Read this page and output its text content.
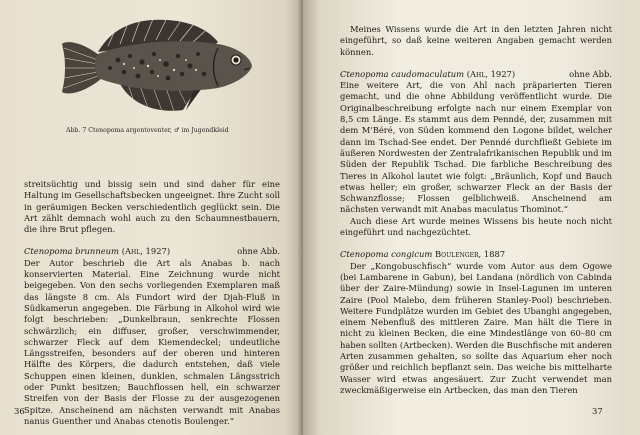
Abb. 7 Ctenopoma argentoventer, ♂ im Jugendkleid

streitsüchtig und bissig sein und sind daher für eine Haltung im Gesellschaftsbecken ungeeignet. Ihre Zucht soll in geräumigen Becken verschiedentlich geglückt sein. Die Art zählt demnach wohl auch zu den Schaumnestbauern, die ihre Brut pflegen.

Ctenopoma brunneum (Ahl, 1927)	ohne Abb.

Der Autor beschrieb die Art als Anabas b. nach konservierten Material. Eine Zeichnung wurde nicht beigegeben. Von den sechs vorliegenden Exemplaren maß das längste 8 cm. Als Fundort wird der Djah-Fluß in Südkamerun angegeben. Die Färbung in Alkohol wird wie folgt beschrieben: „Dunkelbraun, senkrechte Flossen schwärzlich; ein diffuser, großer, verschwimmender, schwarzer Fleck auf dem Kiemendeckel; undeutliche Längsstreifen, besonders auf der oberen und hinteren Hälfte des Körpers, die dadurch entstehen, daß viele Schuppen einen kleinen, dunklen, schmalen Längsstrich oder Punkt besitzen; Bauchflossen hell, ein schwarzer Streifen von der Basis der Flosse zu der ausgezogenen Spitze. Anscheinend am nächsten verwandt mit Anabas nanus Guenther und Anabas ctenotis Boulenger.“

36

Meines Wissens wurde die Art in den letzten Jahren nicht eingeführt, so daß keine weiteren Angaben gemacht werden können.

Ctenopoma caudomaculatum (Ahl, 1927)	ohne Abb.

Eine weitere Art, die von Ahl nach präparierten Tieren gemacht, und die ohne Abbildung veröffentlicht wurde. Die Originalbeschreibung erfolgte nach nur einem Exemplar von 8,5 cm Länge. Es stammt aus dem Penndé, der, zusammen mit dem M'Béré, von Süden kommend den Logone bildet, welcher dann im Tschad-See endet. Der Penndé durchfließt Gebiete im äußeren Nordwesten der Zentralafrikanischen Republik und im Süden der Republik Tschad. Die farbliche Beschreibung des Tieres in Alkohol lautet wie folgt: „Bräunlich, Kopf und Bauch etwas heller; ein großer, schwarzer Fleck an der Basis der Schwanzflosse; Flossen gelblichweiß. Anscheinend am nächsten verwandt mit Anabas maculatus Thominot.“

Auch diese Art wurde meines Wissens bis heute noch nicht eingeführt und nachgezüchtet.

Ctenopoma congicum Boulenger, 1887

Der „Kongobuschfisch“ wurde vom Autor aus dem Ogowe (bei Lambarene in Gabun), bei Landana (nördlich von Cabinda über der Zaire-Mündung) sowie in Insel-Lagunen im unteren Zaire (Pool Malebo, dem früheren Stanley-Pool) beschrieben. Weitere Fundplätze wurden im Gebiet des Ubanghi angegeben, einem Nebenfluß des mittleren Zaire. Man hält die Tiere in nicht zu kleinen Becken, die eine Mindestlänge von 60–80 cm haben sollten (Artbecken). Werden die Buschfische mit anderen Arten zusammen gehalten, so sollte das Aquarium eher noch größer und reichlich bepflanzt sein. Das weiche bis mittelharte Wasser wird etwas angesäuert. Zur Zucht verwendet man zweckmäßigerweise ein Artbecken, das man den Tieren

37
